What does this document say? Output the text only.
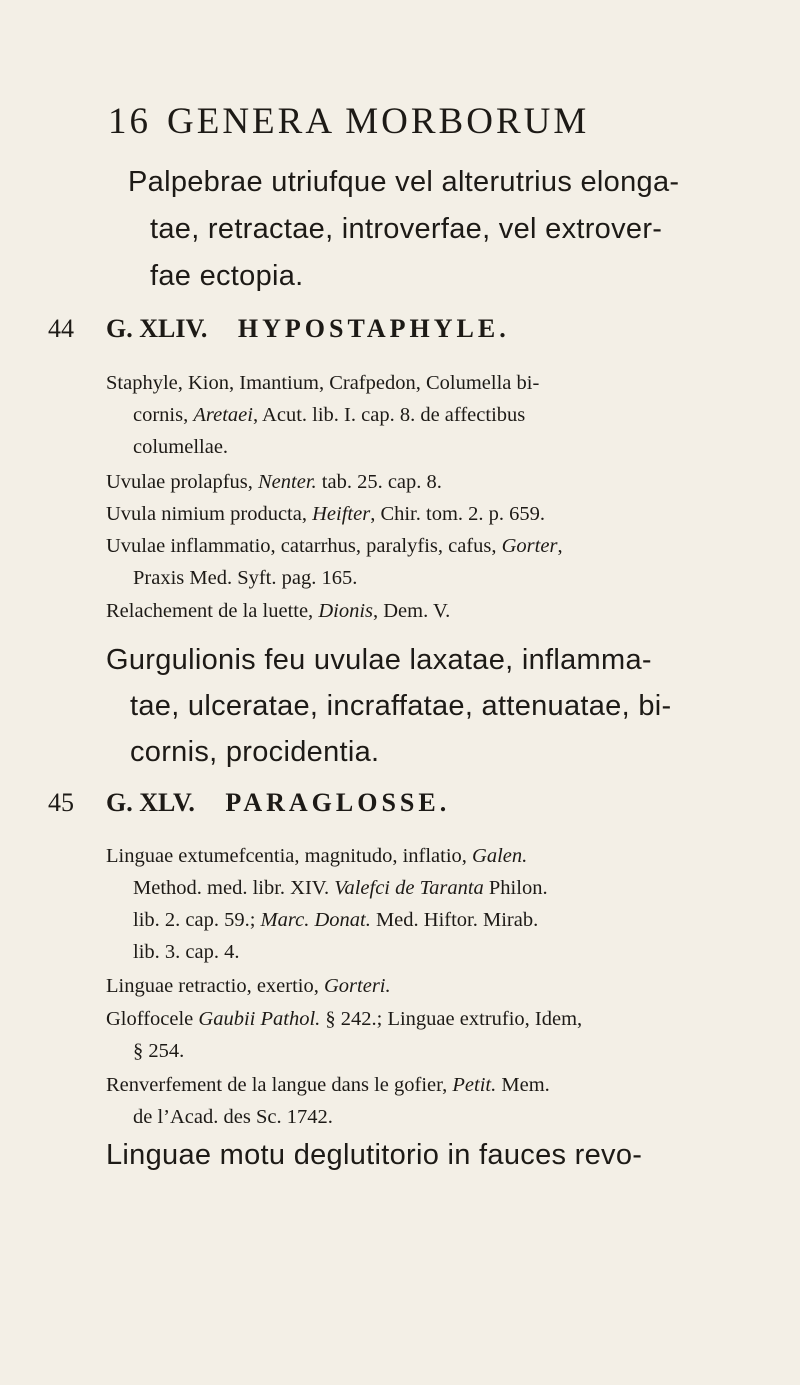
16 GENERA MORBORUM
Palpebrae utriufque vel alterutrius elonga-
tae, retractae, introverfae, vel extrover-
fae ectopia.
44 G. XLIV. HYPOSTAPHYLE.
Staphyle, Kion, Imantium, Crafpedon, Columella bi-
cornis, Aretaei, Acut. lib. I. cap. 8. de affectibus
columellae.
Uvulae prolapfus, Nenter. tab. 25. cap. 8.
Uvula nimium producta, Heifter, Chir. tom. 2. p. 659.
Uvulae inflammatio, catarrhus, paralyfis, cafus, Gorter,
Praxis Med. Syft. pag. 165.
Relachement de la luette, Dionis, Dem. V.
Gurgulionis feu uvulae laxatae, inflamma-
tae, ulceratae, incraffatae, attenuatae, bi-
cornis, procidentia.
45 G. XLV. PARAGLOSSE.
Linguae extumefcentia, magnitudo, inflatio, Galen.
Method. med. libr. XIV. Valefci de Taranta Philon.
lib. 2. cap. 59.; Marc. Donat. Med. Hiftor. Mirab.
lib. 3. cap. 4.
Linguae retractio, exertio, Gorteri.
Gloffocele Gaubii Pathol. § 242.; Linguae extrufio, Idem,
§ 254.
Renverfement de la langue dans le gofier, Petit. Mem.
de l’Acad. des Sc. 1742.
Linguae motu deglutitorio in fauces revo-
